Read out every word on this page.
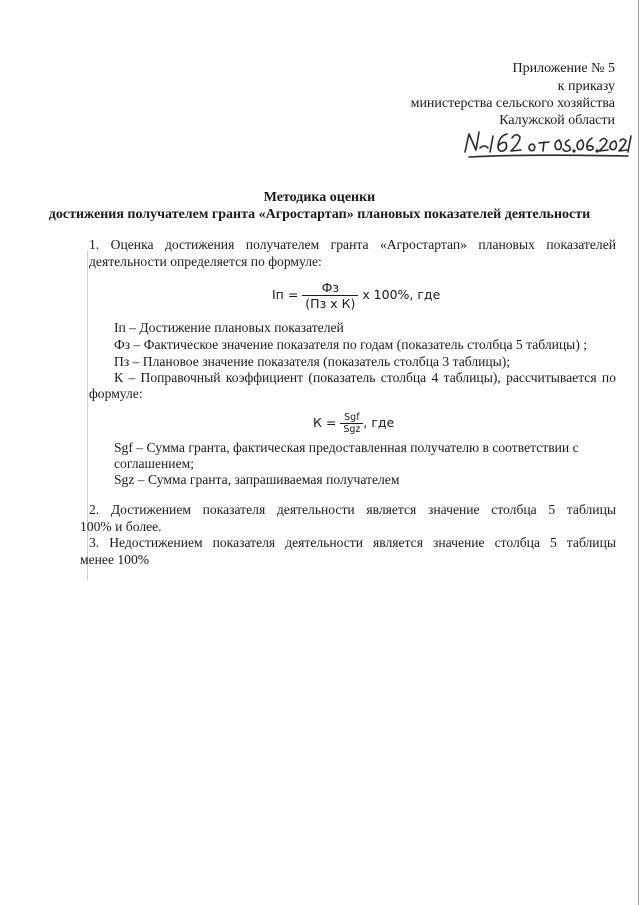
Приложение № 5
к приказу
министерства сельского хозяйства
Калужской области
Методика оценки
достижения получателем гранта «Агростартап» плановых показателей деятельности
1. Оценка достижения получателем гранта «Агростартап» плановых показателей
деятельности определяется по формуле:
Iп = $\frac{Фз}{\text{(Пз х К)}}$ х 100%, где
Iп – Достижение плановых показателей
Фз – Фактическое значение показателя по годам (показатель столбца 5 таблицы) ;
Пз – Плановое значение показателя (показатель столбца 3 таблицы);
К – Поправочный коэффициент (показатель столбца 4 таблицы), рассчитывается по
формуле:
$К = \frac{\text{Sgf}}{\text{Sgz}}$ , где
Sgf – Сумма гранта, фактическая предоставленная получателю в соответствии с
соглашением;
Sgz – Сумма гранта, запрашиваемая получателем
2. Достижением показателя деятельности является значение столбца 5 таблицы
100% и более.
3. Недостижением показателя деятельности является значение столбца 5 таблицы
менее 100%
